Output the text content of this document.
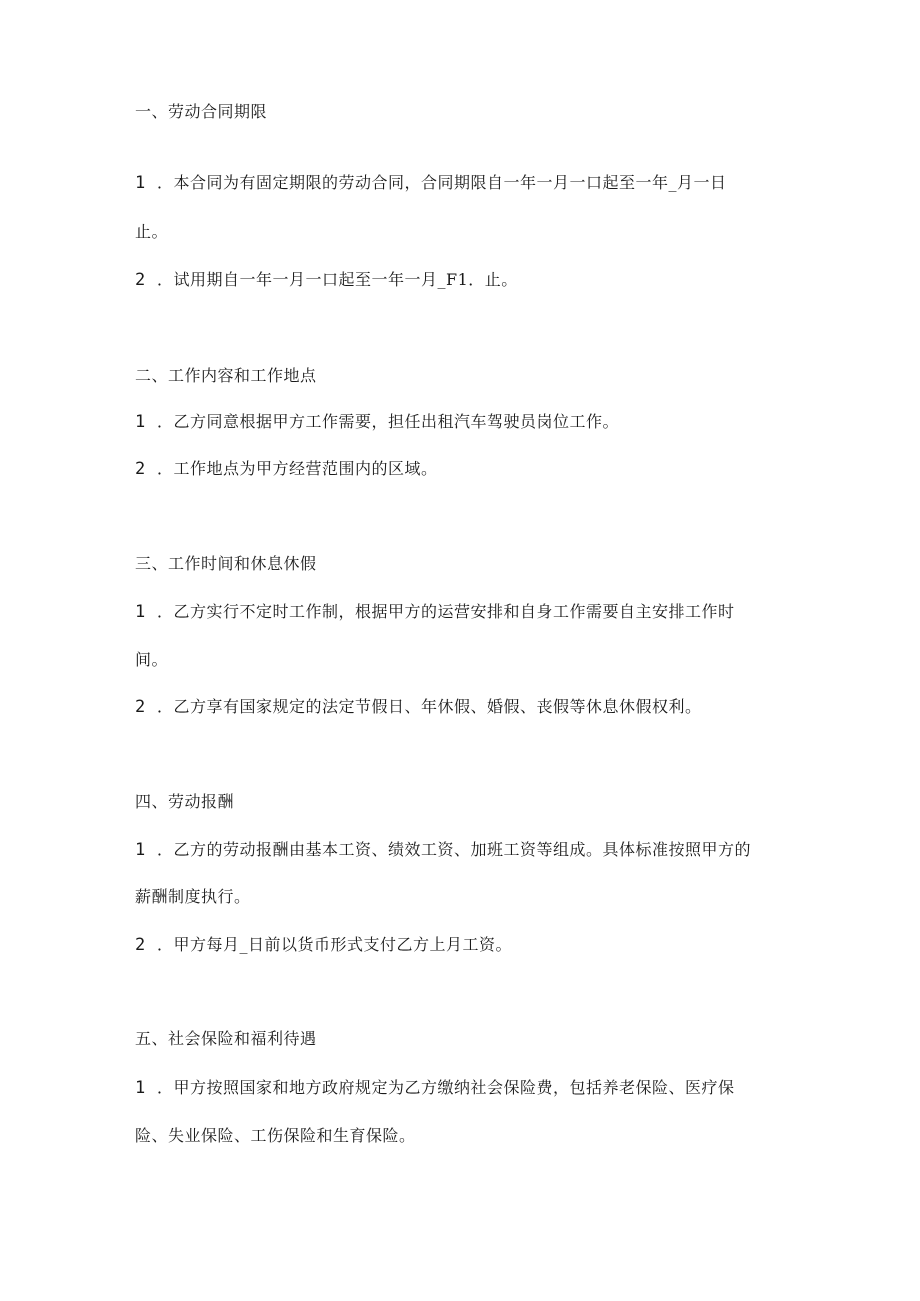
一、劳动合同期限
1 ．本合同为有固定期限的劳动合同，合同期限自一年一月一口起至一年_月一日
止。
2 ．试用期自一年一月一口起至一年一月_F1．止。
二、工作内容和工作地点
1 ．乙方同意根据甲方工作需要，担任出租汽车驾驶员岗位工作。
2 ．工作地点为甲方经营范围内的区域。
三、工作时间和休息休假
1 ．乙方实行不定时工作制，根据甲方的运营安排和自身工作需要自主安排工作时
间。
2 ．乙方享有国家规定的法定节假日、年休假、婚假、丧假等休息休假权利。
四、劳动报酬
1 ．乙方的劳动报酬由基本工资、绩效工资、加班工资等组成。具体标准按照甲方的
薪酬制度执行。
2 ．甲方每月_日前以货币形式支付乙方上月工资。
五、社会保险和福利待遇
1 ．甲方按照国家和地方政府规定为乙方缴纳社会保险费，包括养老保险、医疗保
险、失业保险、工伤保险和生育保险。
